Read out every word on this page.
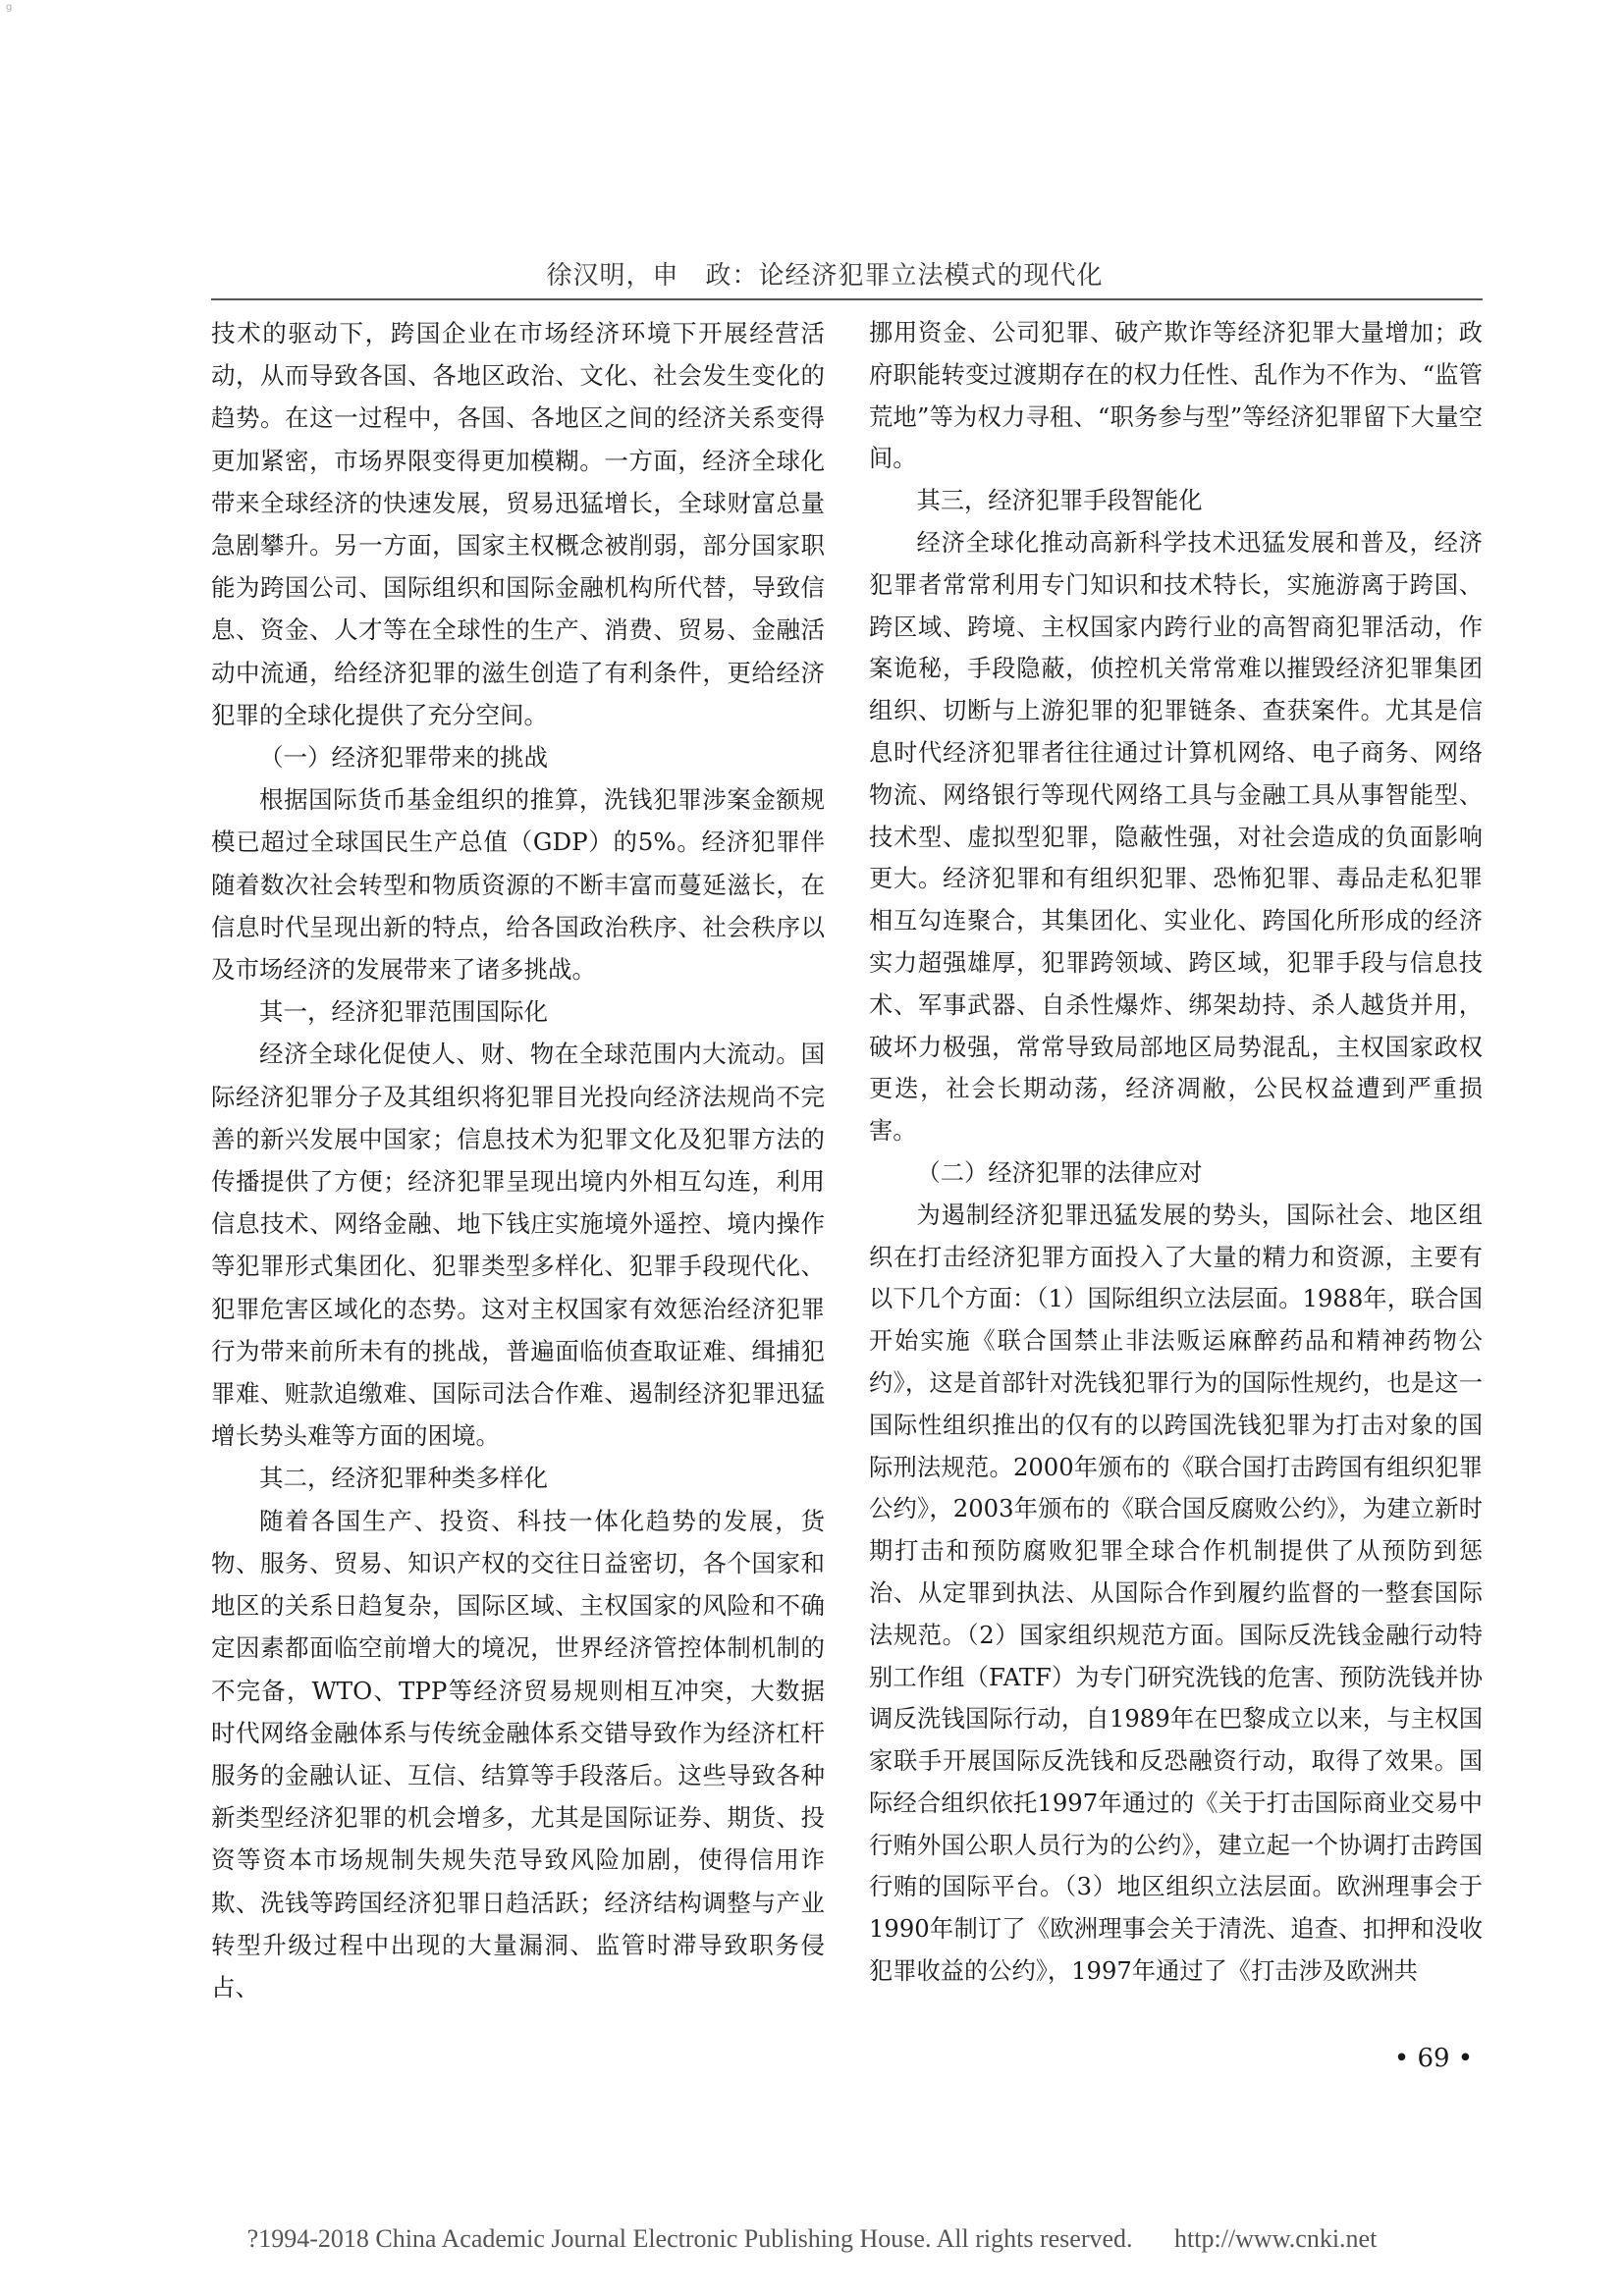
g
徐汉明，申　政：论经济犯罪立法模式的现代化

技术的驱动下，跨国企业在市场经济环境下开展经营活动，从而导致各国、各地区政治、文化、社会发生变化的趋势。在这一过程中，各国、各地区之间的经济关系变得更加紧密，市场界限变得更加模糊。一方面，经济全球化带来全球经济的快速发展，贸易迅猛增长，全球财富总量急剧攀升。另一方面，国家主权概念被削弱，部分国家职能为跨国公司、国际组织和国际金融机构所代替，导致信息、资金、人才等在全球性的生产、消费、贸易、金融活动中流通，给经济犯罪的滋生创造了有利条件，更给经济犯罪的全球化提供了充分空间。

（一）经济犯罪带来的挑战

根据国际货币基金组织的推算，洗钱犯罪涉案金额规模已超过全球国民生产总值（GDP）的5%。经济犯罪伴随着数次社会转型和物质资源的不断丰富而蔓延滋长，在信息时代呈现出新的特点，给各国政治秩序、社会秩序以及市场经济的发展带来了诸多挑战。

其一，经济犯罪范围国际化

经济全球化促使人、财、物在全球范围内大流动。国际经济犯罪分子及其组织将犯罪目光投向经济法规尚不完善的新兴发展中国家；信息技术为犯罪文化及犯罪方法的传播提供了方便；经济犯罪呈现出境内外相互勾连，利用信息技术、网络金融、地下钱庄实施境外遥控、境内操作等犯罪形式集团化、犯罪类型多样化、犯罪手段现代化、犯罪危害区域化的态势。这对主权国家有效惩治经济犯罪行为带来前所未有的挑战，普遍面临侦查取证难、缉捕犯罪难、赃款追缴难、国际司法合作难、遏制经济犯罪迅猛增长势头难等方面的困境。

其二，经济犯罪种类多样化

随着各国生产、投资、科技一体化趋势的发展，货物、服务、贸易、知识产权的交往日益密切，各个国家和地区的关系日趋复杂，国际区域、主权国家的风险和不确定因素都面临空前增大的境况，世界经济管控体制机制的不完备，WTO、TPP等经济贸易规则相互冲突，大数据时代网络金融体系与传统金融体系交错导致作为经济杠杆服务的金融认证、互信、结算等手段落后。这些导致各种新类型经济犯罪的机会增多，尤其是国际证券、期货、投资等资本市场规制失规失范导致风险加剧，使得信用诈欺、洗钱等跨国经济犯罪日趋活跃；经济结构调整与产业转型升级过程中出现的大量漏洞、监管时滞导致职务侵占、

挪用资金、公司犯罪、破产欺诈等经济犯罪大量增加；政府职能转变过渡期存在的权力任性、乱作为不作为、“监管荒地”等为权力寻租、“职务参与型”等经济犯罪留下大量空间。

其三，经济犯罪手段智能化

经济全球化推动高新科学技术迅猛发展和普及，经济犯罪者常常利用专门知识和技术特长，实施游离于跨国、跨区域、跨境、主权国家内跨行业的高智商犯罪活动，作案诡秘，手段隐蔽，侦控机关常常难以摧毁经济犯罪集团组织、切断与上游犯罪的犯罪链条、查获案件。尤其是信息时代经济犯罪者往往通过计算机网络、电子商务、网络物流、网络银行等现代网络工具与金融工具从事智能型、技术型、虚拟型犯罪，隐蔽性强，对社会造成的负面影响更大。经济犯罪和有组织犯罪、恐怖犯罪、毒品走私犯罪相互勾连聚合，其集团化、实业化、跨国化所形成的经济实力超强雄厚，犯罪跨领域、跨区域，犯罪手段与信息技术、军事武器、自杀性爆炸、绑架劫持、杀人越货并用，破坏力极强，常常导致局部地区局势混乱，主权国家政权更迭，社会长期动荡，经济凋敝，公民权益遭到严重损害。

（二）经济犯罪的法律应对

为遏制经济犯罪迅猛发展的势头，国际社会、地区组织在打击经济犯罪方面投入了大量的精力和资源，主要有以下几个方面：（1）国际组织立法层面。1988年，联合国开始实施《联合国禁止非法贩运麻醉药品和精神药物公约》，这是首部针对洗钱犯罪行为的国际性规约，也是这一国际性组织推出的仅有的以跨国洗钱犯罪为打击对象的国际刑法规范。2000年颁布的《联合国打击跨国有组织犯罪公约》，2003年颁布的《联合国反腐败公约》，为建立新时期打击和预防腐败犯罪全球合作机制提供了从预防到惩治、从定罪到执法、从国际合作到履约监督的一整套国际法规范。（2）国家组织规范方面。国际反洗钱金融行动特别工作组（FATF）为专门研究洗钱的危害、预防洗钱并协调反洗钱国际行动，自1989年在巴黎成立以来，与主权国家联手开展国际反洗钱和反恐融资行动，取得了效果。国际经合组织依托1997年通过的《关于打击国际商业交易中行贿外国公职人员行为的公约》，建立起一个协调打击跨国行贿的国际平台。（3）地区组织立法层面。欧洲理事会于1990年制订了《欧洲理事会关于清洗、追查、扣押和没收犯罪收益的公约》，1997年通过了《打击涉及欧洲共

• 69 •
?1994-2018 China Academic Journal Electronic Publishing House. All rights reserved. http://www.cnki.net
